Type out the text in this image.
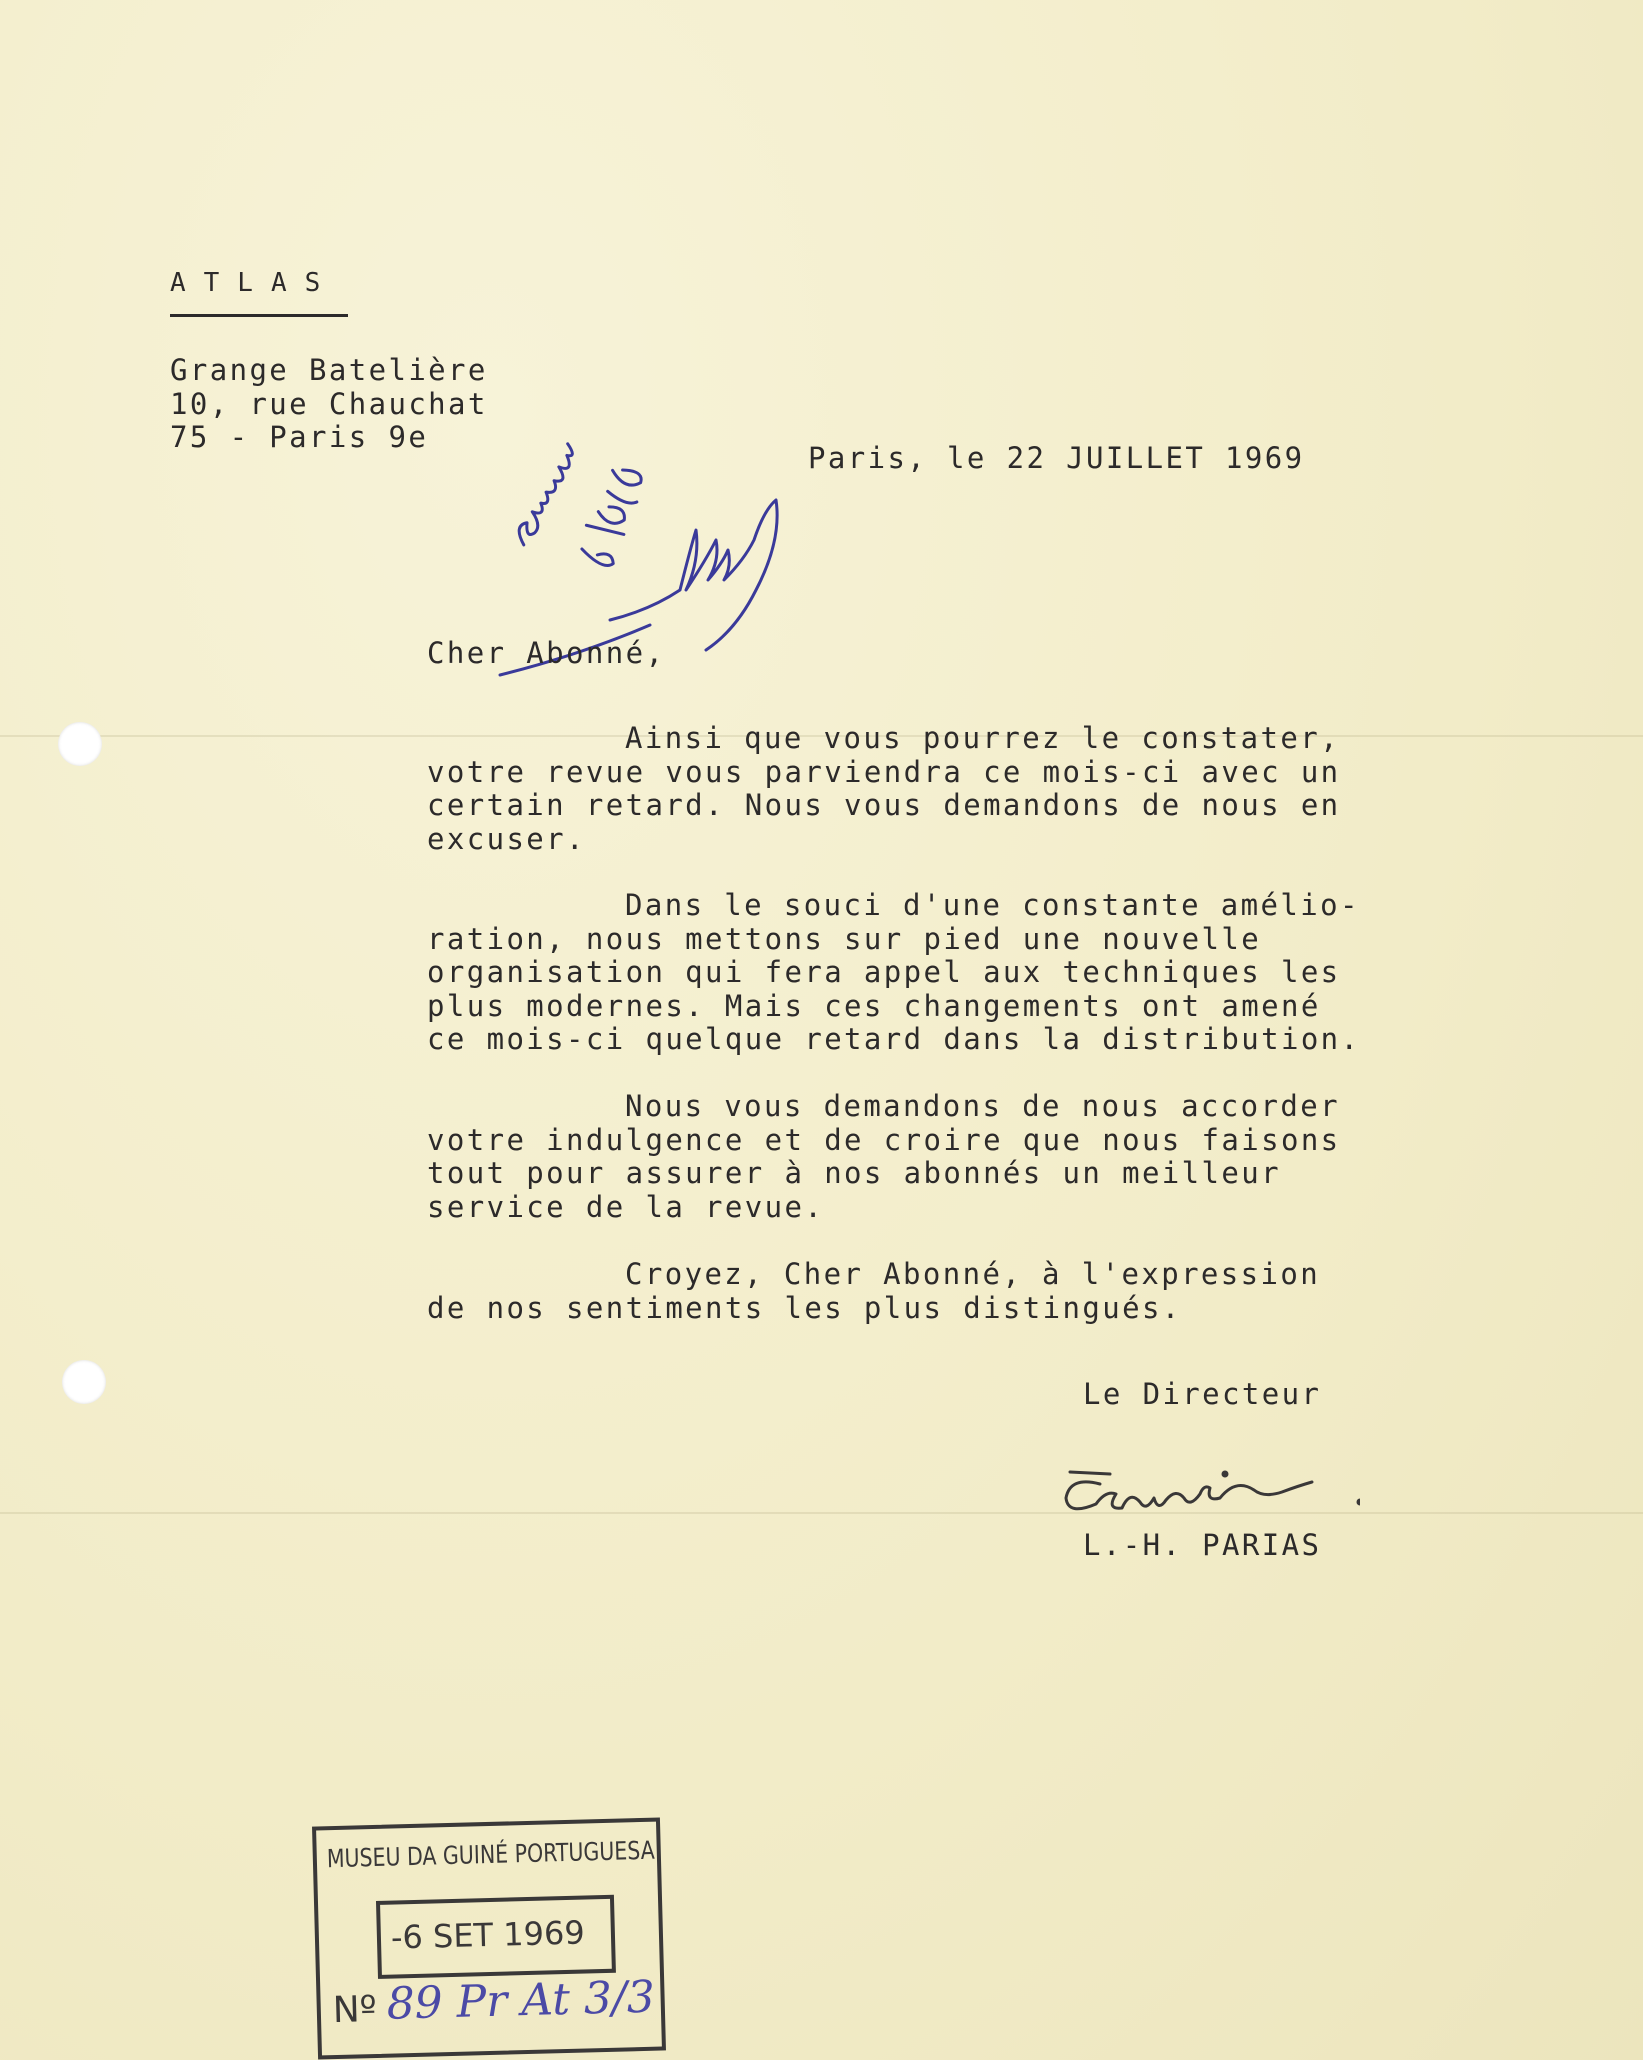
ATLAS
Grange Batelière
10, rue Chauchat
75 - Paris 9e
Paris, le 22 JUILLET 1969
Cher Abonné,
Ainsi que vous pourrez le constater,
votre revue vous parviendra ce mois-ci avec un
certain retard. Nous vous demandons de nous en
excuser.
Dans le souci d'une constante amélio-
ration, nous mettons sur pied une nouvelle
organisation qui fera appel aux techniques les
plus modernes. Mais ces changements ont amené
ce mois-ci quelque retard dans la distribution.
Nous vous demandons de nous accorder
votre indulgence et de croire que nous faisons
tout pour assurer à nos abonnés un meilleur
service de la revue.
Croyez, Cher Abonné, à l'expression
de nos sentiments les plus distingués.
Le Directeur
L.-H. PARIAS
MUSEU DA GUINÉ PORTUGUESA
-6 SET 1969
Nº 89 Pr At 3/3
